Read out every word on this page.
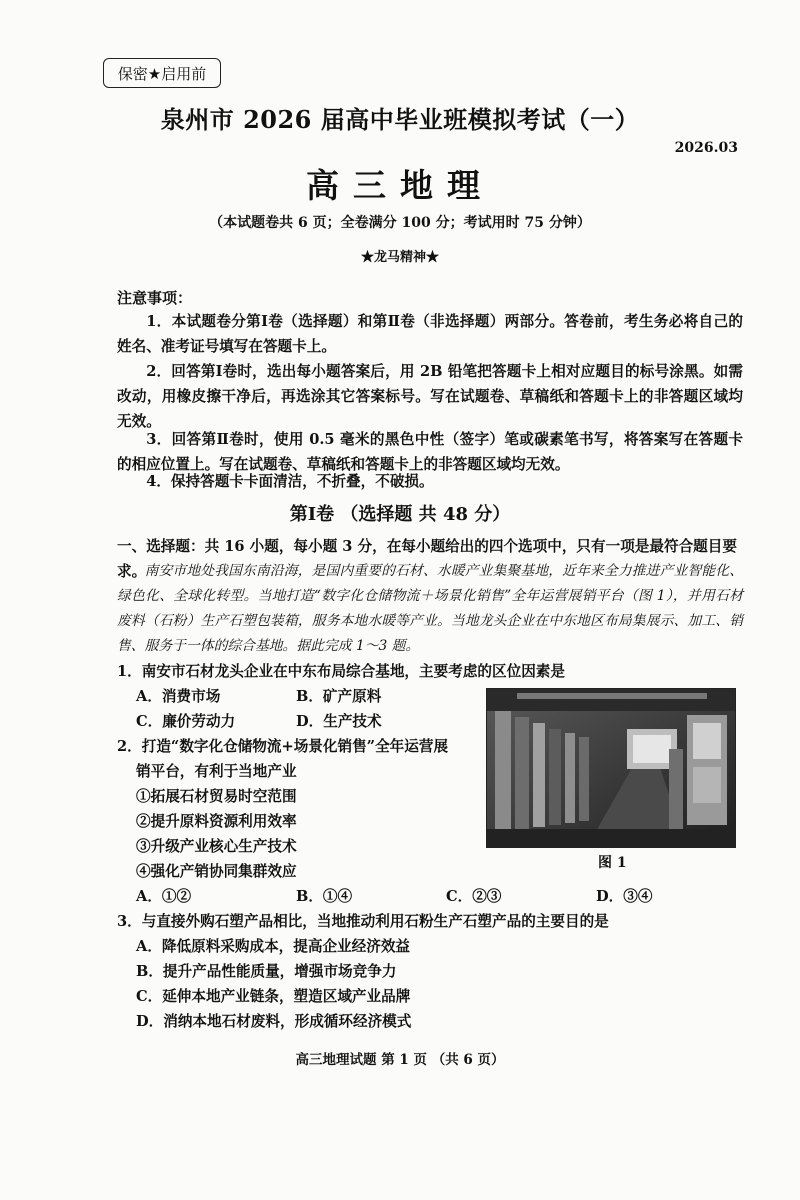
保密★启用前
泉州市 2026 届高中毕业班模拟考试（一）
2026.03
高三地理
（本试题卷共 6 页；全卷满分 100 分；考试用时 75 分钟）
★龙马精神★
注意事项：
1．本试题卷分第Ⅰ卷（选择题）和第Ⅱ卷（非选择题）两部分。答卷前，考生务必将自己的姓名、准考证号填写在答题卡上。
2．回答第Ⅰ卷时，选出每小题答案后，用 2B 铅笔把答题卡上相对应题目的标号涂黑。如需改动，用橡皮擦干净后，再选涂其它答案标号。写在试题卷、草稿纸和答题卡上的非答题区域均无效。
3．回答第Ⅱ卷时，使用 0.5 毫米的黑色中性（签字）笔或碳素笔书写，将答案写在答题卡的相应位置上。写在试题卷、草稿纸和答题卡上的非答题区域均无效。
4．保持答题卡卡面清洁，不折叠，不破损。
第Ⅰ卷 （选择题 共 48 分）
一、选择题：共 16 小题，每小题 3 分，在每小题给出的四个选项中，只有一项是最符合题目要求。
南安市地处我国东南沿海，是国内重要的石材、水暖产业集聚基地，近年来全力推进产业智能化、绿色化、全球化转型。当地打造“数字化仓储物流＋场景化销售”全年运营展销平台（图 1），并用石材废料（石粉）生产石塑包装箱，服务本地水暖等产业。当地龙头企业在中东地区布局集展示、加工、销售、服务于一体的综合基地。据此完成 1～3 题。
1．南安市石材龙头企业在中东布局综合基地，主要考虑的区位因素是
A．消费市场	B．矿产原料
C．廉价劳动力	D．生产技术
2．打造“数字化仓储物流+场景化销售”全年运营展
销平台，有利于当地产业
①拓展石材贸易时空范围
②提升原料资源利用效率
③升级产业核心生产技术
④强化产销协同集群效应
A．①②	B．①④	C．②③	D．③④
3．与直接外购石塑产品相比，当地推动利用石粉生产石塑产品的主要目的是
A．降低原料采购成本，提高企业经济效益
B．提升产品性能质量，增强市场竞争力
C．延伸本地产业链条，塑造区域产业品牌
D．消纳本地石材废料，形成循环经济模式
图 1
高三地理试题 第 1 页 （共 6 页）
